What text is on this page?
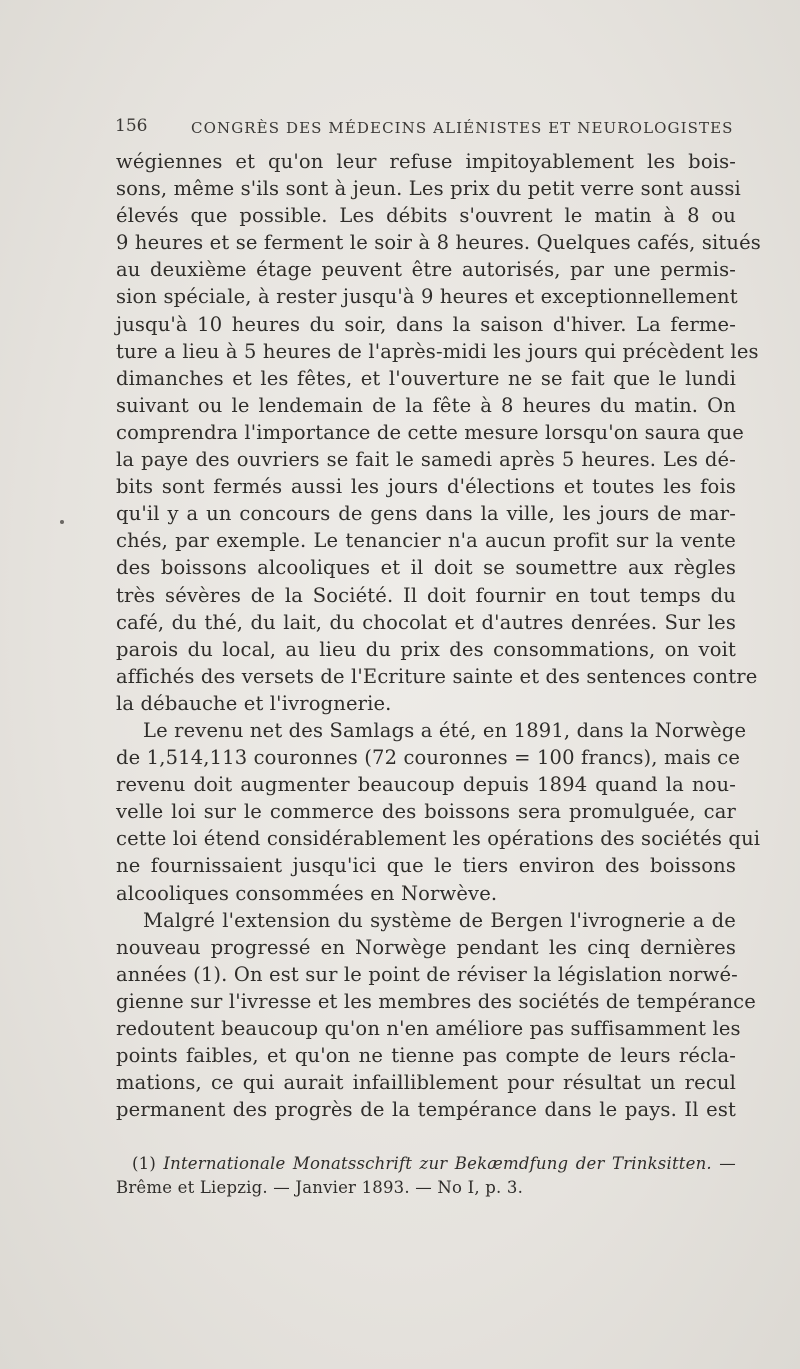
156	CONGRÈS DES MÉDECINS ALIÉNISTES ET NEUROLOGISTES
wégiennes et qu'on leur refuse impitoyablement les bois-
sons, même s'ils sont à jeun. Les prix du petit verre sont aussi
élevés que possible. Les débits s'ouvrent le matin à 8 ou
9 heures et se ferment le soir à 8 heures. Quelques cafés, situés
au deuxième étage peuvent être autorisés, par une permis-
sion spéciale, à rester jusqu'à 9 heures et exceptionnellement
jusqu'à 10 heures du soir, dans la saison d'hiver. La ferme-
ture a lieu à 5 heures de l'après-midi les jours qui précèdent les
dimanches et les fêtes, et l'ouverture ne se fait que le lundi
suivant ou le lendemain de la fête à 8 heures du matin. On
comprendra l'importance de cette mesure lorsqu'on saura que
la paye des ouvriers se fait le samedi après 5 heures. Les dé-
bits sont fermés aussi les jours d'élections et toutes les fois
qu'il y a un concours de gens dans la ville, les jours de mar-
chés, par exemple. Le tenancier n'a aucun profit sur la vente
des boissons alcooliques et il doit se soumettre aux règles
très sévères de la Société. Il doit fournir en tout temps du
café, du thé, du lait, du chocolat et d'autres denrées. Sur les
parois du local, au lieu du prix des consommations, on voit
affichés des versets de l'Ecriture sainte et des sentences contre
la débauche et l'ivrognerie.
Le revenu net des Samlags a été, en 1891, dans la Norwège
de 1,514,113 couronnes (72 couronnes = 100 francs), mais ce
revenu doit augmenter beaucoup depuis 1894 quand la nou-
velle loi sur le commerce des boissons sera promulguée, car
cette loi étend considérablement les opérations des sociétés qui
ne fournissaient jusqu'ici que le tiers environ des boissons
alcooliques consommées en Norwève.
Malgré l'extension du système de Bergen l'ivrognerie a de
nouveau progressé en Norwège pendant les cinq dernières
années (1). On est sur le point de réviser la législation norwé-
gienne sur l'ivresse et les membres des sociétés de tempérance
redoutent beaucoup qu'on n'en améliore pas suffisamment les
points faibles, et qu'on ne tienne pas compte de leurs récla-
mations, ce qui aurait infailliblement pour résultat un recul
permanent des progrès de la tempérance dans le pays. Il est
(1) Internationale Monatsschrift zur Bekæmdfung der Trinksitten. —
Brême et Liepzig. — Janvier 1893. — No I, p. 3.
